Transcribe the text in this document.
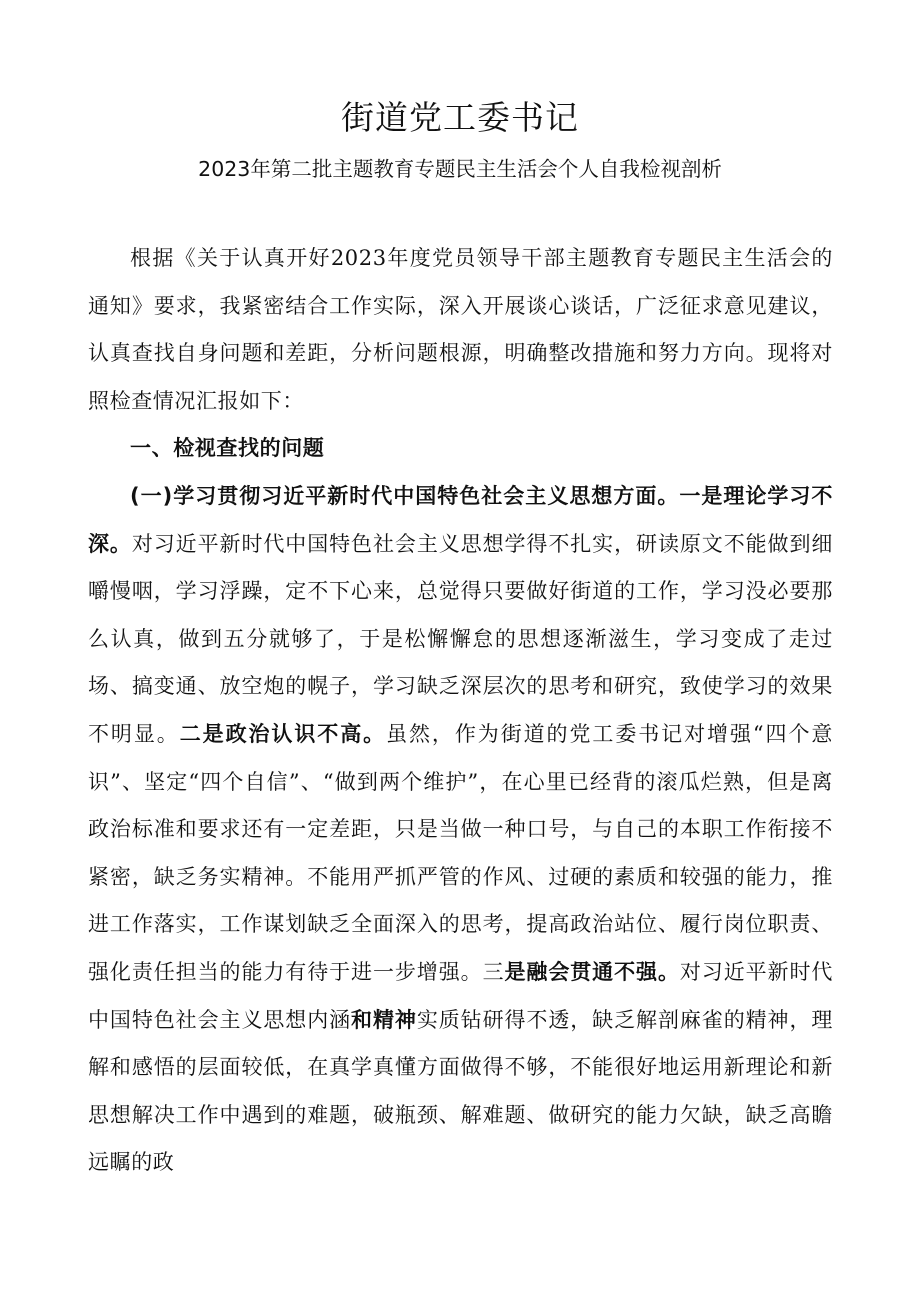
街道党工委书记
2023年第二批主题教育专题民主生活会个人自我检视剖析

根据《关于认真开好2023年度党员领导干部主题教育专题民主生活会的通知》要求，我紧密结合工作实际，深入开展谈心谈话，广泛征求意见建议，认真查找自身问题和差距，分析问题根源，明确整改措施和努力方向。现将对照检查情况汇报如下：

一、检视查找的问题

(一)学习贯彻习近平新时代中国特色社会主义思想方面。一是理论学习不深。对习近平新时代中国特色社会主义思想学得不扎实，研读原文不能做到细嚼慢咽，学习浮躁，定不下心来，总觉得只要做好街道的工作，学习没必要那么认真，做到五分就够了，于是松懈懈怠的思想逐渐滋生，学习变成了走过场、搞变通、放空炮的幌子，学习缺乏深层次的思考和研究，致使学习的效果不明显。二是政治认识不高。虽然，作为街道的党工委书记对增强“四个意识”、坚定“四个自信”、“做到两个维护”，在心里已经背的滚瓜烂熟，但是离政治标准和要求还有一定差距，只是当做一种口号，与自己的本职工作衔接不紧密，缺乏务实精神。不能用严抓严管的作风、过硬的素质和较强的能力，推进工作落实，工作谋划缺乏全面深入的思考，提高政治站位、履行岗位职责、强化责任担当的能力有待于进一步增强。三是融会贯通不强。对习近平新时代中国特色社会主义思想内涵和精神实质钻研得不透，缺乏解剖麻雀的精神，理解和感悟的层面较低，在真学真懂方面做得不够，不能很好地运用新理论和新思想解决工作中遇到的难题，破瓶颈、解难题、做研究的能力欠缺，缺乏高瞻远瞩的政
